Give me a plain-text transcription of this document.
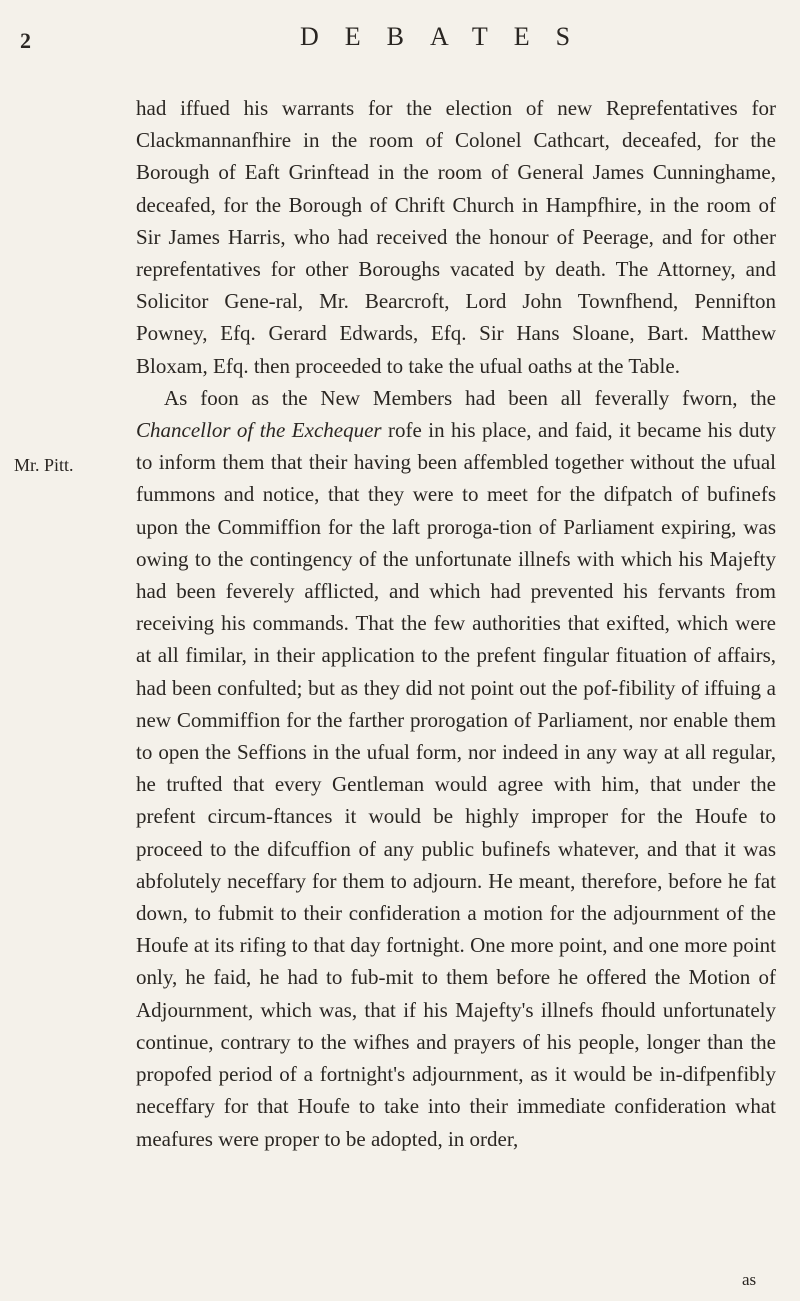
2	DEBATES
Mr. Pitt.

had iffued his warrants for the election of new Reprefentatives for Clackmannanfhire in the room of Colonel Cathcart, deceafed, for the Borough of Eaft Grinftead in the room of General James Cunninghame, deceafed, for the Borough of Chrift Church in Hampfhire, in the room of Sir James Harris, who had received the honour of Peerage, and for other reprefentatives for other Boroughs vacated by death. The Attorney, and Solicitor Gene-ral, Mr. Bearcroft, Lord John Townfhend, Pennifton Powney, Efq. Gerard Edwards, Efq. Sir Hans Sloane, Bart. Matthew Bloxam, Efq. then proceeded to take the ufual oaths at the Table.

As foon as the New Members had been all feverally fworn, the Chancellor of the Exchequer rofe in his place, and faid, it became his duty to inform them that their having been affembled together without the ufual fummons and notice, that they were to meet for the difpatch of bufinefs upon the Commiffion for the laft proroga-tion of Parliament expiring, was owing to the contingency of the unfortunate illnefs with which his Majefty had been feverely afflicted, and which had prevented his fervants from receiving his commands. That the few authorities that exifted, which were at all fimilar, in their application to the prefent fingular fituation of affairs, had been confulted; but as they did not point out the pof-fibility of iffuing a new Commiffion for the farther prorogation of Parliament, nor enable them to open the Seffions in the ufual form, nor indeed in any way at all regular, he trufted that every Gentleman would agree with him, that under the prefent circum-ftances it would be highly improper for the Houfe to proceed to the difcuffion of any public bufinefs whatever, and that it was abfolutely neceffary for them to adjourn. He meant, therefore, before he fat down, to fubmit to their confideration a motion for the adjournment of the Houfe at its rifing to that day fortnight. One more point, and one more point only, he faid, he had to fub-mit to them before he offered the Motion of Adjournment, which was, that if his Majefty's illnefs fhould unfortunately continue, contrary to the wifhes and prayers of his people, longer than the propofed period of a fortnight's adjournment, as it would be in-difpenfibly neceffary for that Houfe to take into their immediate confideration what meafures were proper to be adopted, in order,

as
